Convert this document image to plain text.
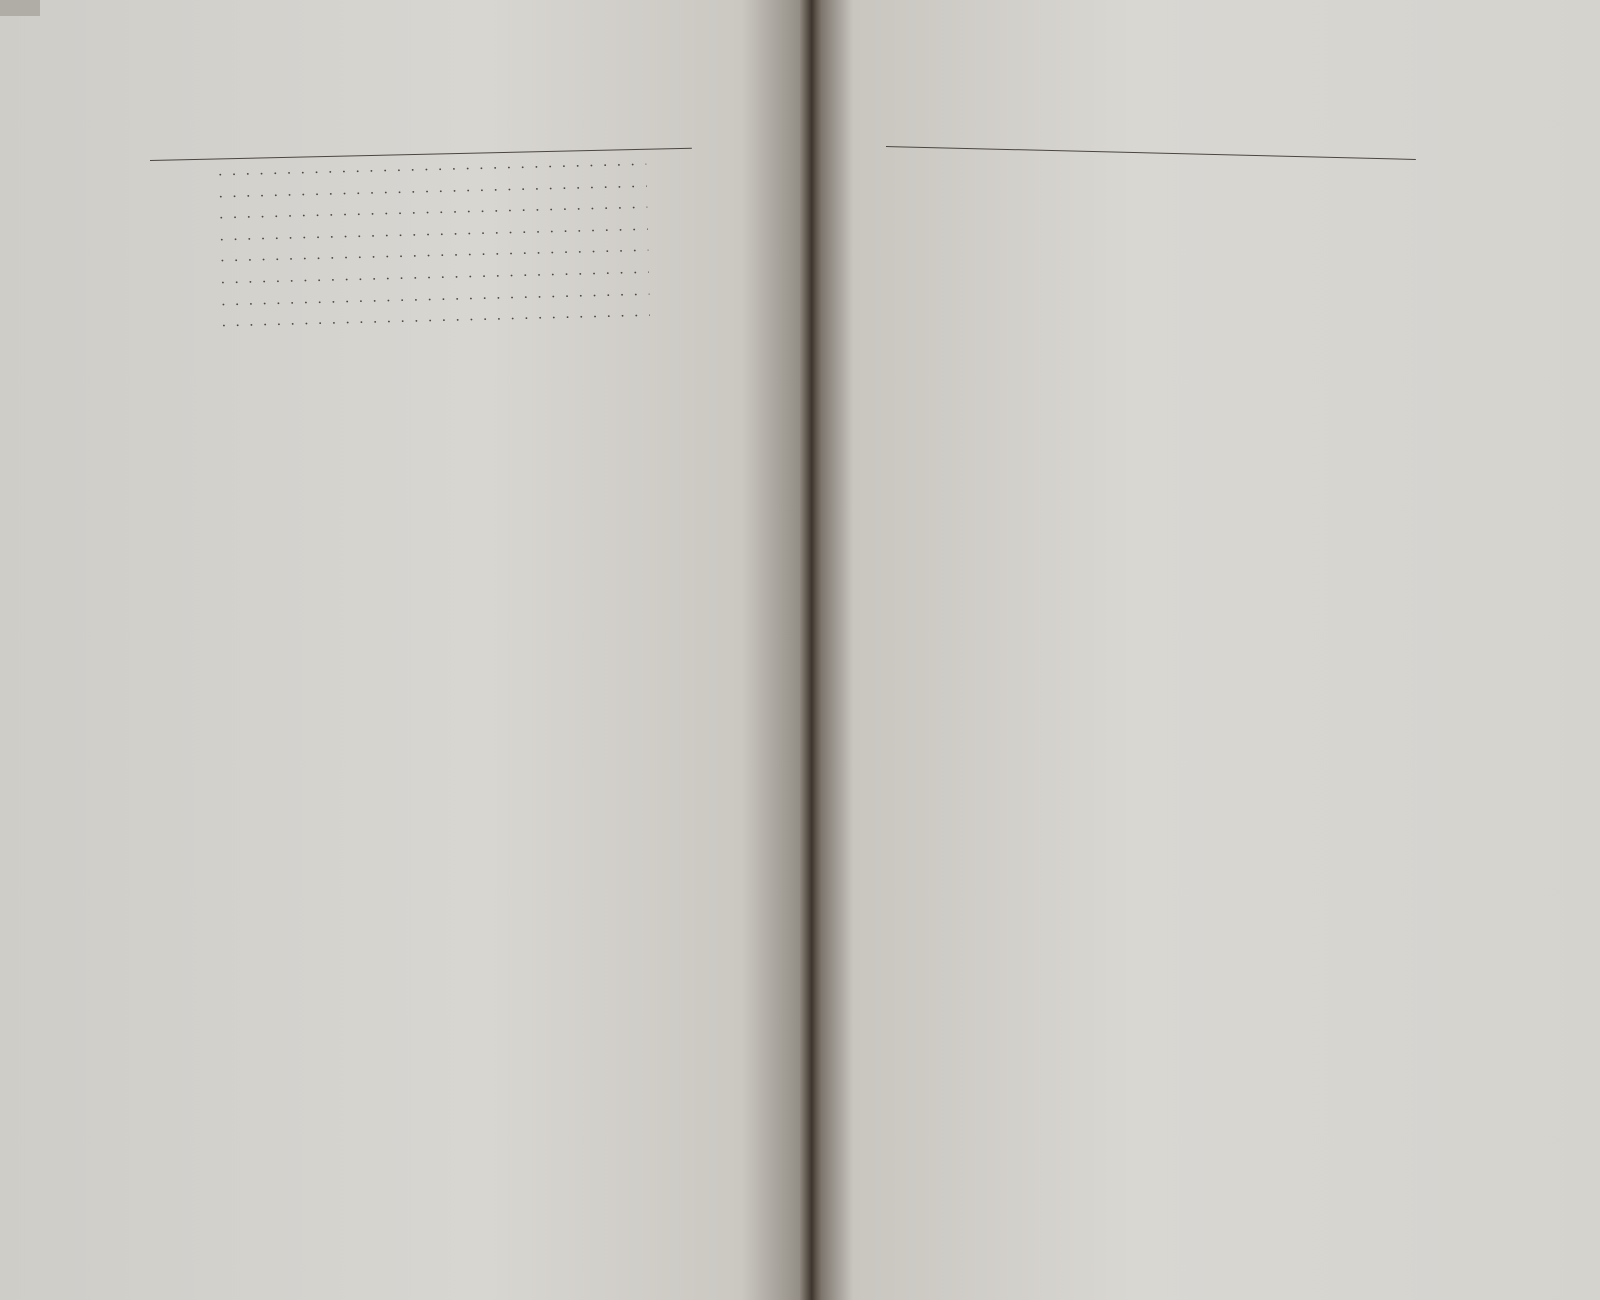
. . .
. . .
. . .
. . .
. . .
. . .
. . .
. . .
